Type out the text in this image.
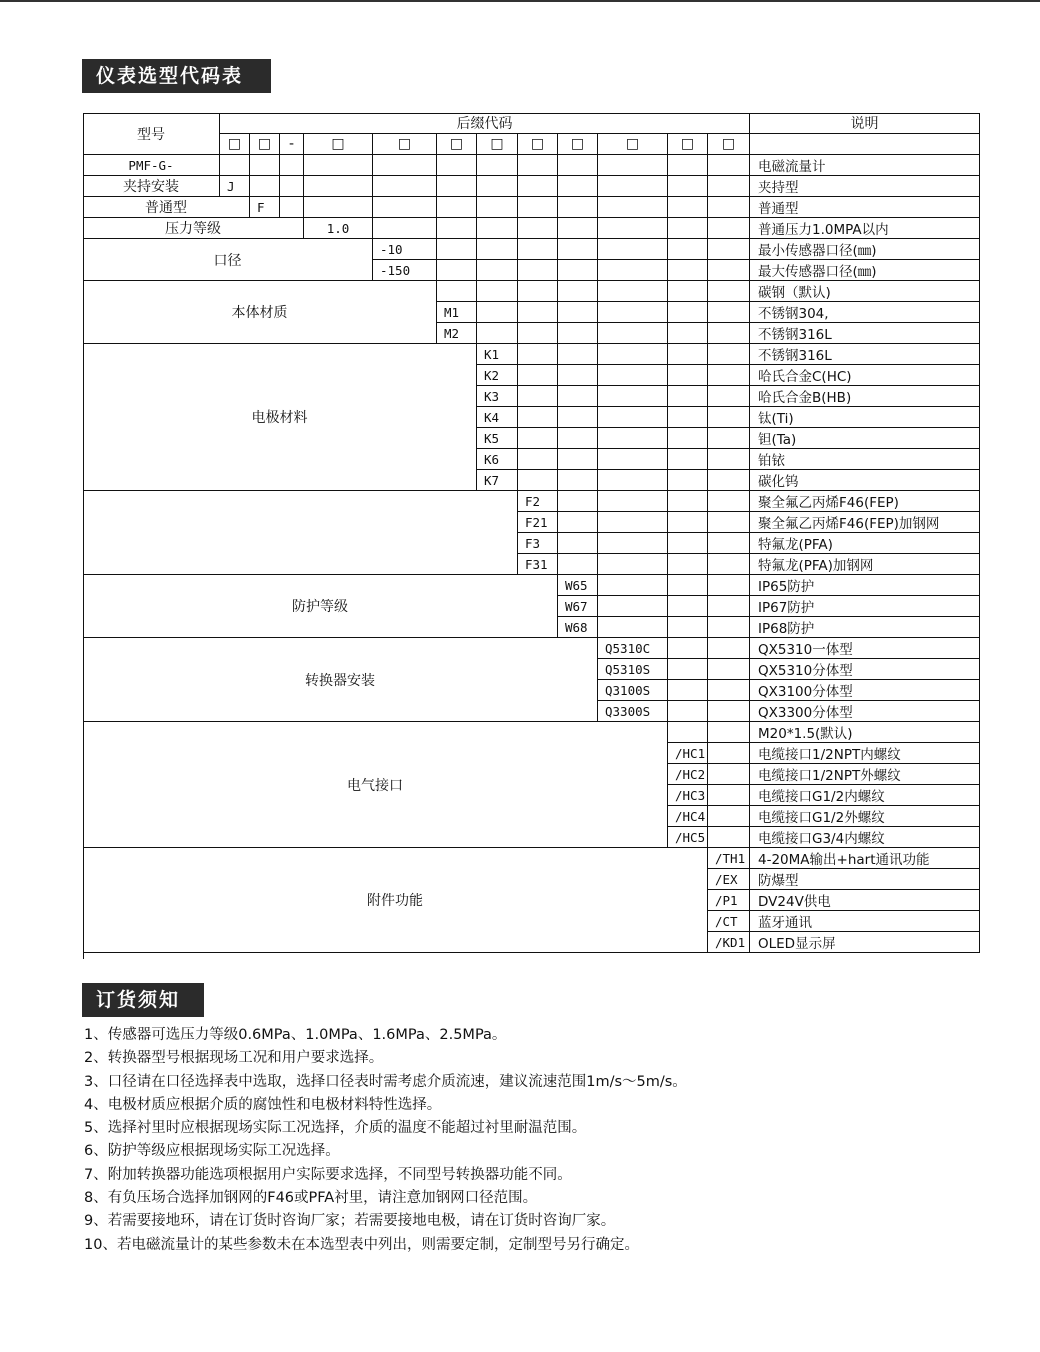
仪表选型代码表
型号
后缀代码	说明
□	□	-	□	□	□	□	□	□	□	□	□
PMF-G-	电磁流量计
夹持安装	J	夹持型
普通型	F	普通型
压力等级	1.0	普通压力1.0MPA以内
口径
-10	最小传感器口径(㎜)
-150	最大传感器口径(㎜)
本体材质
碳钢（默认)
M1	不锈钢304,
M2	不锈钢316L
电极材料
K1	不锈钢316L
K2	哈氏合金C(HC)
K3	哈氏合金B(HB)
K4	钛(Ti)
K5	钽(Ta)
K6	铂铱
K7	碳化钨
F2	聚全氟乙丙烯F46(FEP)
F21	聚全氟乙丙烯F46(FEP)加钢网
F3	特氟龙(PFA)
F31	特氟龙(PFA)加钢网
防护等级
W65	IP65防护
W67	IP67防护
W68	IP68防护
转换器安装
Q5310C	QX5310一体型
Q5310S	QX5310分体型
Q3100S	QX3100分体型
Q3300S	QX3300分体型
电气接口
M20*1.5(默认)
/HC1	电缆接口1/2NPT内螺纹
/HC2	电缆接口1/2NPT外螺纹
/HC3	电缆接口G1/2内螺纹
/HC4	电缆接口G1/2外螺纹
/HC5	电缆接口G3/4内螺纹
附件功能
/TH1 4-20MA输出+hart通讯功能
/EX	防爆型
/P1	DV24V供电
/CT	蓝牙通讯
/KD1 OLED显示屏
订货须知
1、传感器可选压力等级0.6MPa、1.0MPa、1.6MPa、2.5MPa。
2、转换器型号根据现场工况和用户要求选择。
3、口径请在口径选择表中选取，选择口径表时需考虑介质流速，建议流速范围1m/s～5m/s。
4、电极材质应根据介质的腐蚀性和电极材料特性选择。
5、选择衬里时应根据现场实际工况选择，介质的温度不能超过衬里耐温范围。
6、防护等级应根据现场实际工况选择。
7、附加转换器功能选项根据用户实际要求选择，不同型号转换器功能不同。
8、有负压场合选择加钢网的F46或PFA衬里，请注意加钢网口径范围。
9、若需要接地环，请在订货时咨询厂家；若需要接地电极，请在订货时咨询厂家。
10、若电磁流量计的某些参数未在本选型表中列出，则需要定制，定制型号另行确定。
